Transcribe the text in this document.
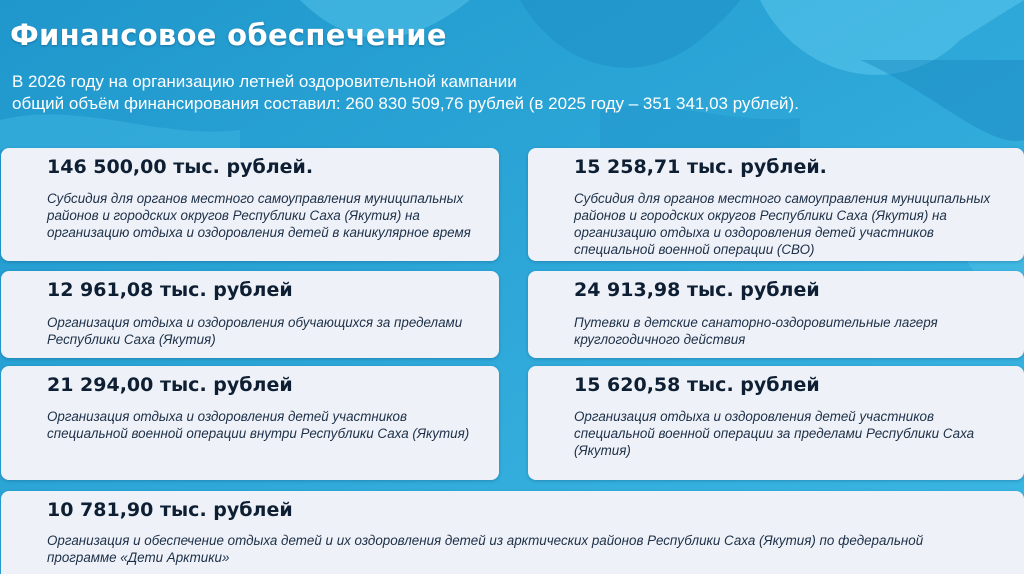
Финансовое обеспечение
В 2026 году на организацию летней оздоровительной кампании
общий объём финансирования составил: 260 830 509,76 рублей (в 2025 году – 351 341,03 рублей).
146 500,00 тыс. рублей.
Субсидия для органов местного самоуправления муниципальных районов и городских округов Республики Саха (Якутия) на организацию отдыха и оздоровления детей в каникулярное время
15 258,71 тыс. рублей.
Субсидия для органов местного самоуправления муниципальных районов и городских округов Республики Саха (Якутия) на организацию отдыха и оздоровления детей участников специальной военной операции (СВО)
12 961,08 тыс. рублей
Организация отдыха и оздоровления обучающихся за пределами Республики Саха (Якутия)
24 913,98 тыс. рублей
Путевки в детские санаторно-оздоровительные лагеря круглогодичного действия
21 294,00 тыс. рублей
Организация отдыха и оздоровления детей участников специальной военной операции внутри Республики Саха (Якутия)
15 620,58 тыс. рублей
Организация отдыха и оздоровления детей участников специальной военной операции за пределами Республики Саха (Якутия)
10 781,90 тыс. рублей
Организация и обеспечение отдыха детей и их оздоровления детей из арктических районов Республики Саха (Якутия) по федеральной программе «Дети Арктики»
